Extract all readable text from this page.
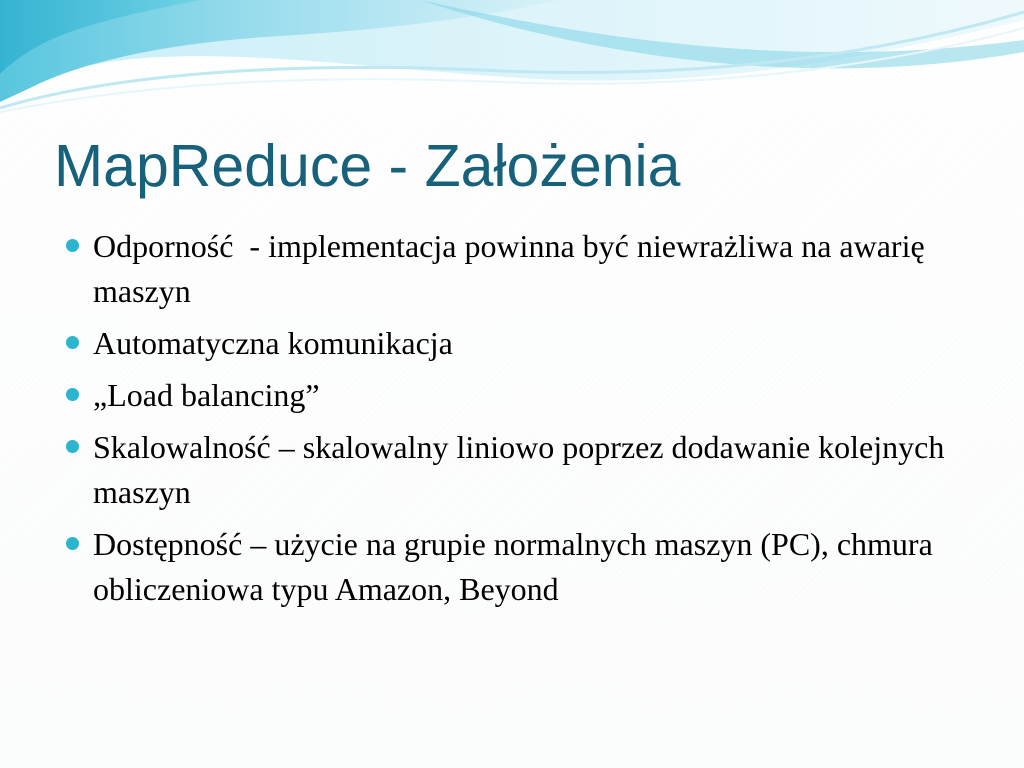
MapReduce - Założenia
Odporność  - implementacja powinna być niewrażliwa na awarię maszyn
Automatyczna komunikacja
„Load balancing”
Skalowalność – skalowalny liniowo poprzez dodawanie kolejnych maszyn
Dostępność – użycie na grupie normalnych maszyn (PC), chmura obliczeniowa typu Amazon, Beyond
